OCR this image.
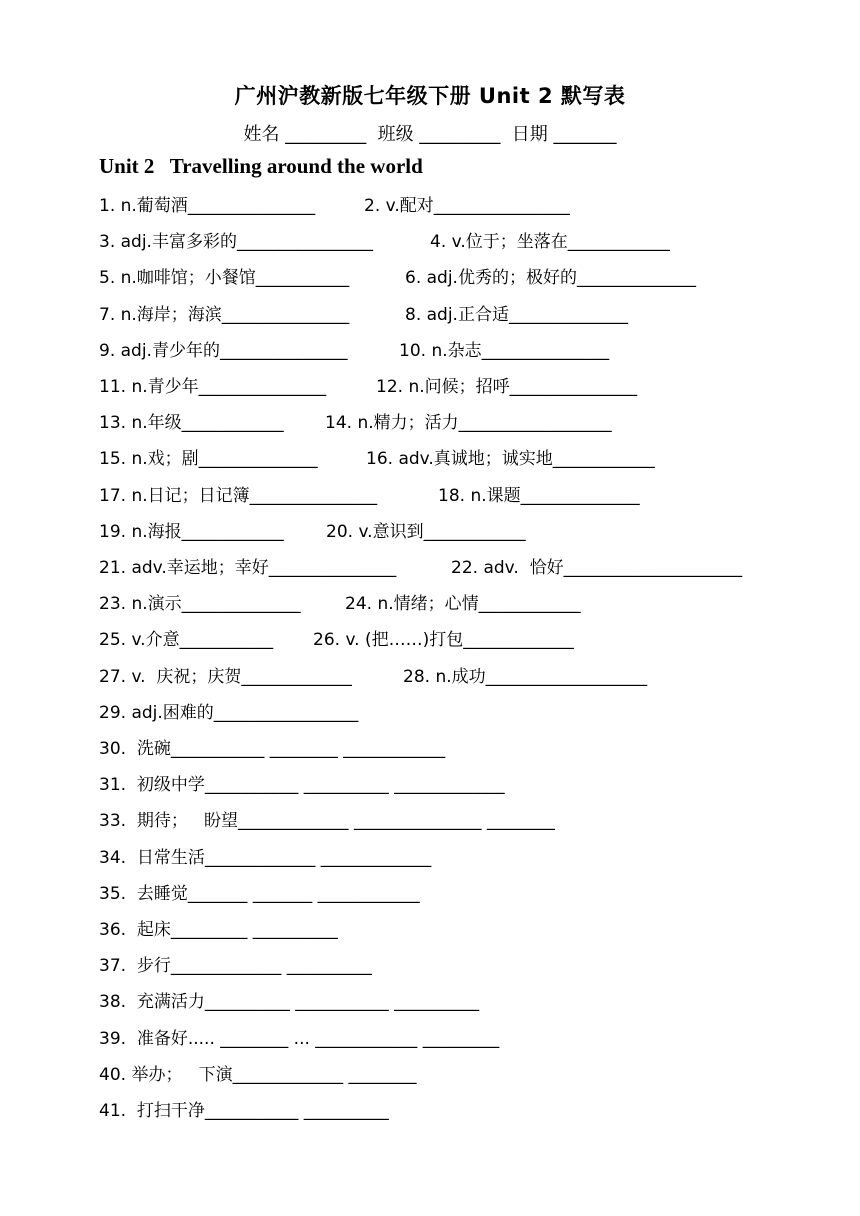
广州沪教新版七年级下册 Unit 2 默写表
姓名 _________  班级 _________  日期 _______
Unit 2   Travelling around the world
1. n.葡萄酒_______________	2. v.配对________________
3. adj.丰富多彩的________________	4. v.位于；坐落在____________
5. n.咖啡馆；小餐馆___________	6. adj.优秀的；极好的______________
7. n.海岸；海滨_______________	8. adj.正合适______________
9. adj.青少年的_______________	10. n.杂志_______________
11. n.青少年_______________	12. n.问候；招呼_______________
13. n.年级____________ 14. n.精力；活力__________________
15. n.戏；剧______________	16. adv.真诚地；诚实地____________
17. n.日记；日记簿_______________	18. n.课题______________
19. n.海报____________ 20. v.意识到____________
21. adv.幸运地；幸好_______________	22. adv.  恰好_____________________
23. n.演示______________	24. n.情绪；心情____________
25. v.介意___________ 26. v. (把……)打包_____________
27. v.  庆祝；庆贺_____________	28. n.成功___________________
29. adj.困难的_________________
30.  洗碗___________ ________ ____________
31.  初级中学___________ __________ _____________
33.  期待；   盼望_____________ _______________ ________
34.  日常生活_____________ _____________
35.  去睡觉_______ _______ ____________
36.  起床_________ __________
37.  步行_____________ __________
38.  充满活力__________ ___________ __________
39.  准备好..... ________ ... ____________ _________
40. 举办；   下演_____________ ________
41.  打扫干净___________ __________
